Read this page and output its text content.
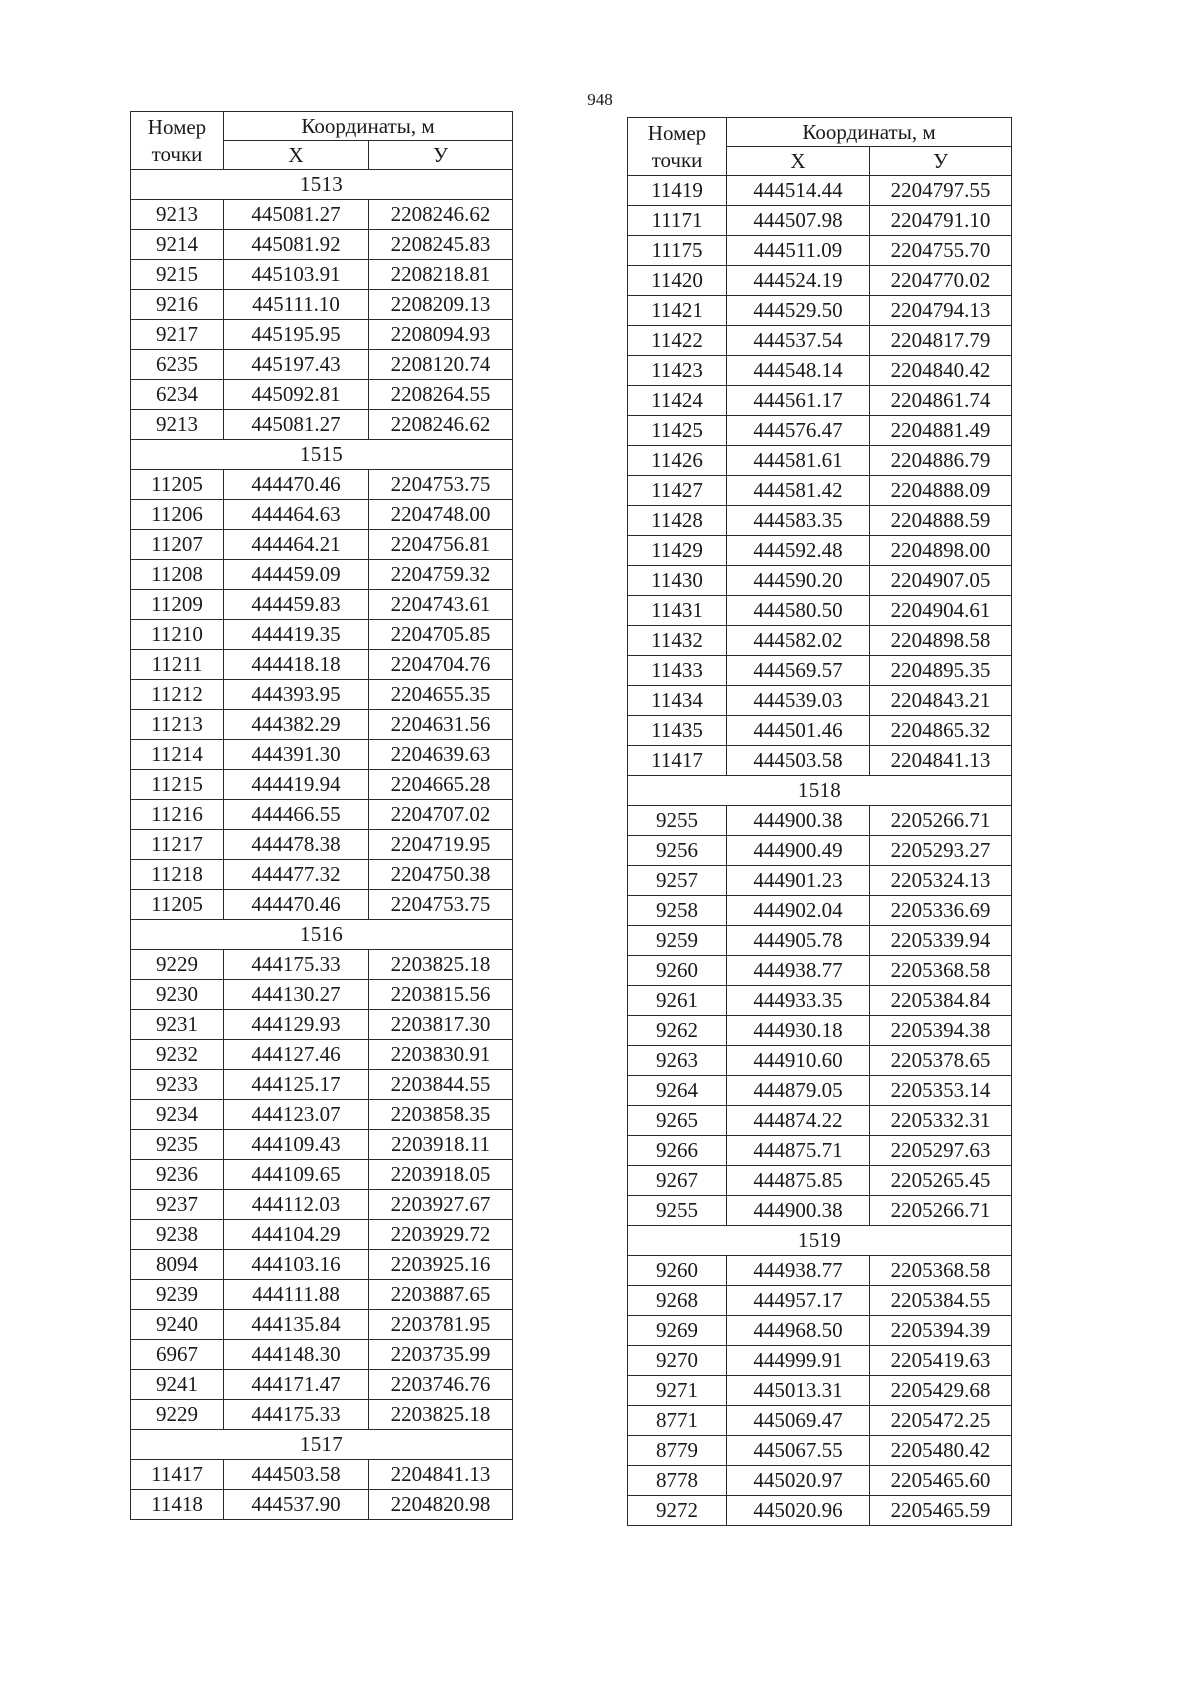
948
Номер точки	Координаты, м	
	X	У
1513		
9213	445081.27	2208246.62
9214	445081.92	2208245.83
9215	445103.91	2208218.81
9216	445111.10	2208209.13
9217	445195.95	2208094.93
6235	445197.43	2208120.74
6234	445092.81	2208264.55
9213	445081.27	2208246.62
1515		
11205	444470.46	2204753.75
11206	444464.63	2204748.00
11207	444464.21	2204756.81
11208	444459.09	2204759.32
11209	444459.83	2204743.61
11210	444419.35	2204705.85
11211	444418.18	2204704.76
11212	444393.95	2204655.35
11213	444382.29	2204631.56
11214	444391.30	2204639.63
11215	444419.94	2204665.28
11216	444466.55	2204707.02
11217	444478.38	2204719.95
11218	444477.32	2204750.38
11205	444470.46	2204753.75
1516		
9229	444175.33	2203825.18
9230	444130.27	2203815.56
9231	444129.93	2203817.30
9232	444127.46	2203830.91
9233	444125.17	2203844.55
9234	444123.07	2203858.35
9235	444109.43	2203918.11
9236	444109.65	2203918.05
9237	444112.03	2203927.67
9238	444104.29	2203929.72
8094	444103.16	2203925.16
9239	444111.88	2203887.65
9240	444135.84	2203781.95
6967	444148.30	2203735.99
9241	444171.47	2203746.76
9229	444175.33	2203825.18
1517		
11417	444503.58	2204841.13
11418	444537.90	2204820.98
Номер точки	Координаты, м	
	X	У
11419	444514.44	2204797.55
11171	444507.98	2204791.10
11175	444511.09	2204755.70
11420	444524.19	2204770.02
11421	444529.50	2204794.13
11422	444537.54	2204817.79
11423	444548.14	2204840.42
11424	444561.17	2204861.74
11425	444576.47	2204881.49
11426	444581.61	2204886.79
11427	444581.42	2204888.09
11428	444583.35	2204888.59
11429	444592.48	2204898.00
11430	444590.20	2204907.05
11431	444580.50	2204904.61
11432	444582.02	2204898.58
11433	444569.57	2204895.35
11434	444539.03	2204843.21
11435	444501.46	2204865.32
11417	444503.58	2204841.13
1518		
9255	444900.38	2205266.71
9256	444900.49	2205293.27
9257	444901.23	2205324.13
9258	444902.04	2205336.69
9259	444905.78	2205339.94
9260	444938.77	2205368.58
9261	444933.35	2205384.84
9262	444930.18	2205394.38
9263	444910.60	2205378.65
9264	444879.05	2205353.14
9265	444874.22	2205332.31
9266	444875.71	2205297.63
9267	444875.85	2205265.45
9255	444900.38	2205266.71
1519		
9260	444938.77	2205368.58
9268	444957.17	2205384.55
9269	444968.50	2205394.39
9270	444999.91	2205419.63
9271	445013.31	2205429.68
8771	445069.47	2205472.25
8779	445067.55	2205480.42
8778	445020.97	2205465.60
9272	445020.96	2205465.59
